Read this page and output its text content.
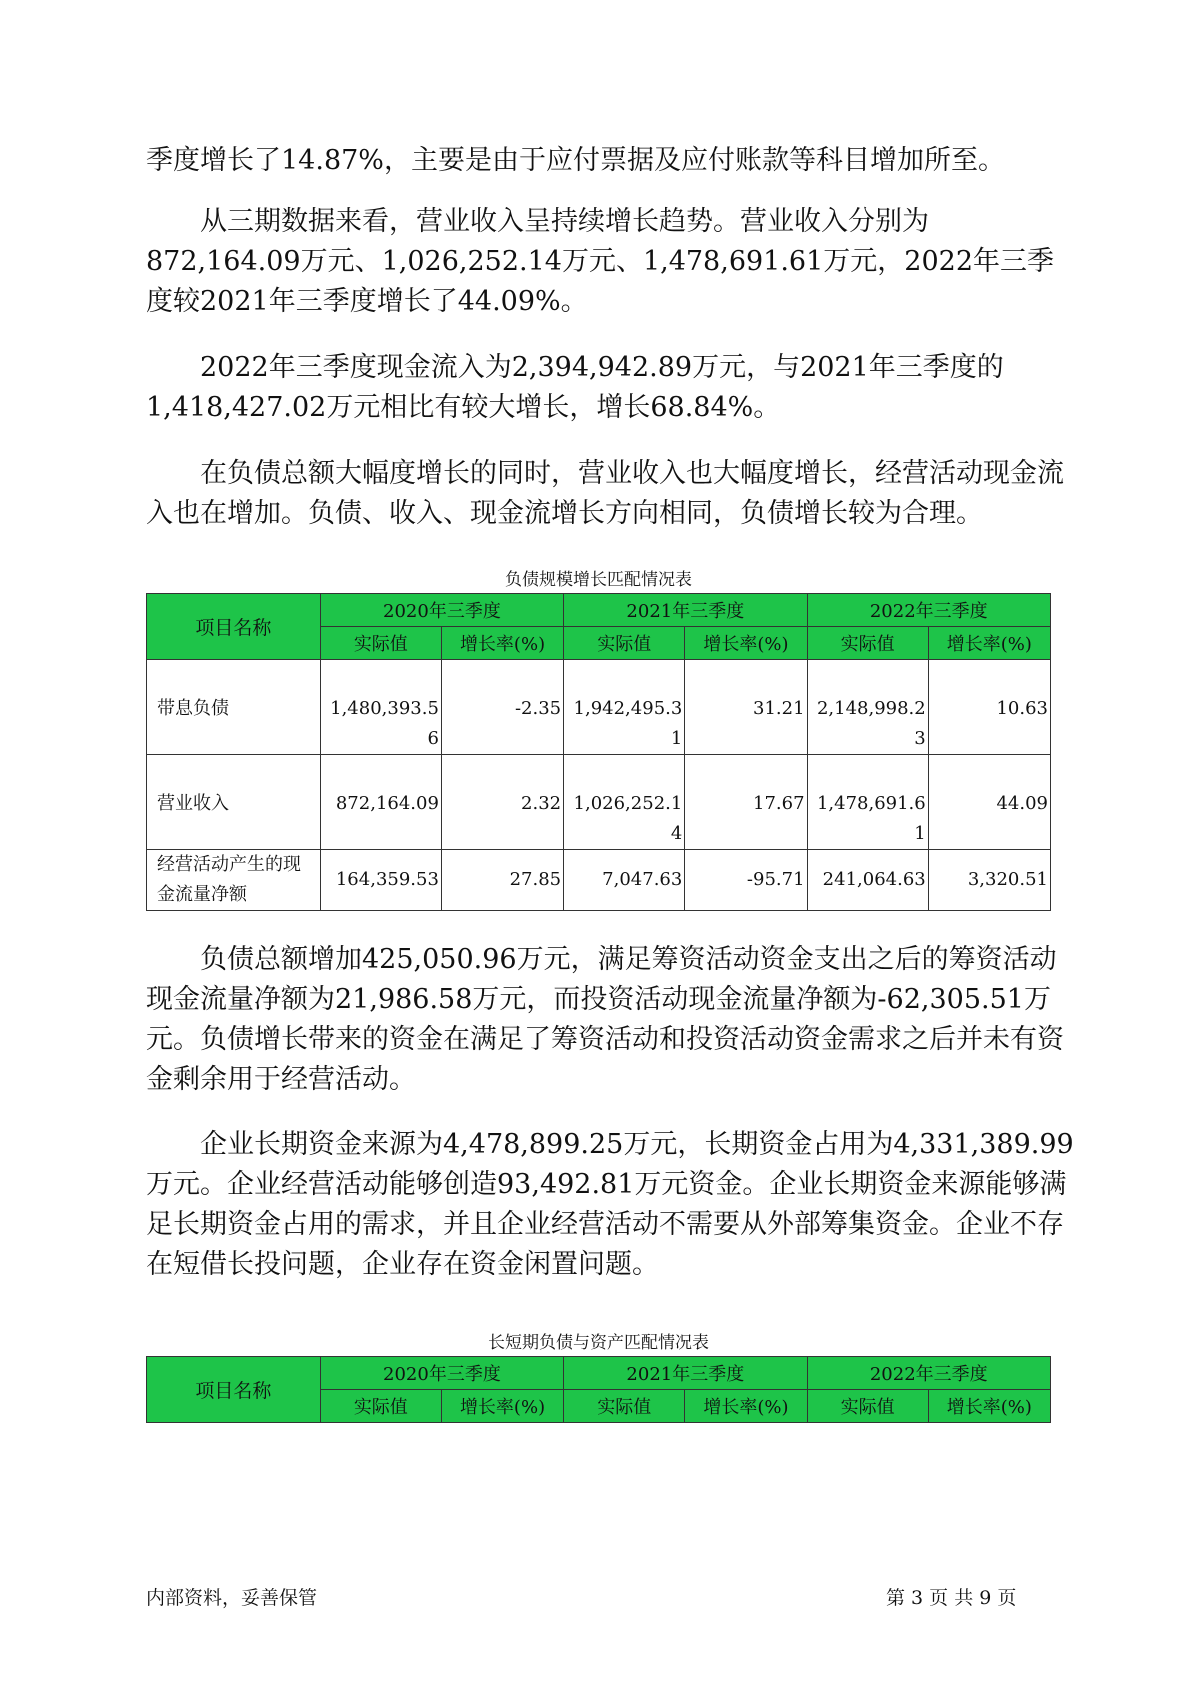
季度增长了14.87%，主要是由于应付票据及应付账款等科目增加所至。

从三期数据来看，营业收入呈持续增长趋势。营业收入分别为872,164.09万元、1,026,252.14万元、1,478,691.61万元，2022年三季度较2021年三季度增长了44.09%。

2022年三季度现金流入为2,394,942.89万元，与2021年三季度的1,418,427.02万元相比有较大增长，增长68.84%。

在负债总额大幅度增长的同时，营业收入也大幅度增长，经营活动现金流入也在增加。负债、收入、现金流增长方向相同，负债增长较为合理。

负债规模增长匹配情况表
项目名称	2020年三季度		2021年三季度		2022年三季度	
	实际值	增长率(%)	实际值	增长率(%)	实际值	增长率(%)
带息负债	1,480,393.56	-2.35	1,942,495.31	31.21	2,148,998.23	10.63
营业收入	872,164.09	2.32	1,026,252.14	17.67	1,478,691.61	44.09
经营活动产生的现金流量净额	164,359.53	27.85	7,047.63	-95.71	241,064.63	3,320.51

负债总额增加425,050.96万元，满足筹资活动资金支出之后的筹资活动现金流量净额为21,986.58万元，而投资活动现金流量净额为-62,305.51万元。负债增长带来的资金在满足了筹资活动和投资活动资金需求之后并未有资金剩余用于经营活动。

企业长期资金来源为4,478,899.25万元，长期资金占用为4,331,389.99万元。企业经营活动能够创造93,492.81万元资金。企业长期资金来源能够满足长期资金占用的需求，并且企业经营活动不需要从外部筹集资金。企业不存在短借长投问题，企业存在资金闲置问题。

长短期负债与资产匹配情况表
项目名称	2020年三季度		2021年三季度		2022年三季度	
	实际值	增长率(%)	实际值	增长率(%)	实际值	增长率(%)
内部资料，妥善保管	第 3 页 共 9 页
